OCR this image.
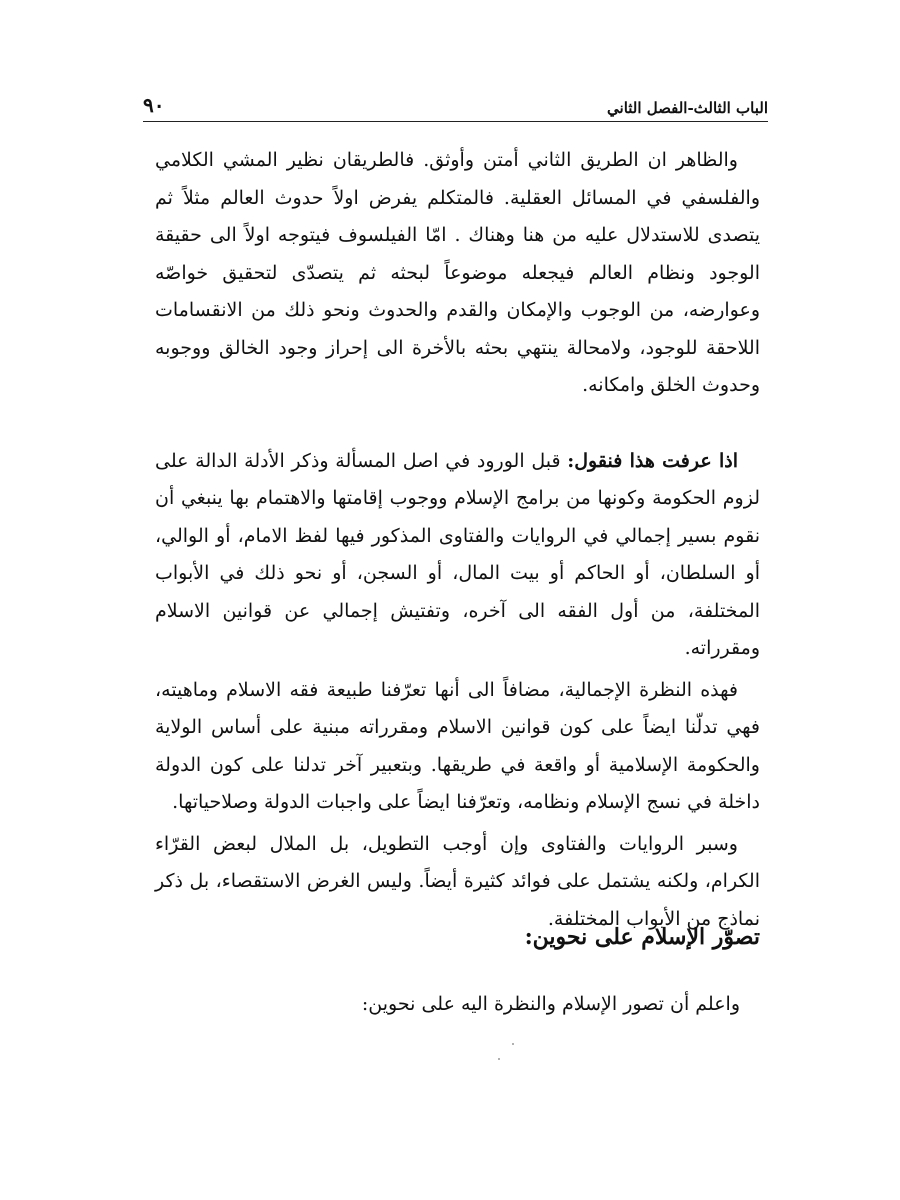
الباب الثالث-الفصل الثاني
٩٠

والظاهر ان الطريق الثاني أمتن وأوثق. فالطريقان نظير المشي الكلامي والفلسفي في المسائل العقلية. فالمتكلم يفرض اولاً حدوث العالم مثلاً ثم يتصدى للاستدلال عليه من هنا وهناك . امّا الفيلسوف فيتوجه اولاً الى حقيقة الوجود ونظام العالم فيجعله موضوعاً لبحثه ثم يتصدّى لتحقيق خواصّه وعوارضه، من الوجوب والإمكان والقدم والحدوث ونحو ذلك من الانقسامات اللاحقة للوجود، ولامحالة ينتهي بحثه بالأخرة الى إحراز وجود الخالق ووجوبه وحدوث الخلق وامكانه.

اذا عرفت هذا فنقول: قبل الورود في اصل المسألة وذكر الأدلة الدالة على لزوم الحكومة وكونها من برامج الإسلام ووجوب إقامتها والاهتمام بها ينبغي أن نقوم بسير إجمالي في الروايات والفتاوى المذكور فيها لفظ الامام، أو الوالي، أو السلطان، أو الحاكم أو بيت المال، أو السجن، أو نحو ذلك في الأبواب المختلفة، من أول الفقه الى آخره، وتفتيش إجمالي عن قوانين الاسلام ومقرراته.

فهذه النظرة الإجمالية، مضافاً الى أنها تعرّفنا طبيعة فقه الاسلام وماهيته، فهي تدلّنا ايضاً على كون قوانين الاسلام ومقرراته مبنية على أساس الولاية والحكومة الإسلامية أو واقعة في طريقها. وبتعبير آخر تدلنا على كون الدولة داخلة في نسج الإسلام ونظامه، وتعرّفنا ايضاً على واجبات الدولة وصلاحياتها.

وسبر الروايات والفتاوى وإن أوجب التطويل، بل الملال لبعض القرّاء الكرام، ولكنه يشتمل على فوائد كثيرة أيضاً. وليس الغرض الاستقصاء، بل ذكر نماذج من الأبواب المختلفة.

تصوّر الإسلام على نحوين:

واعلم أن تصور الإسلام والنظرة اليه على نحوين:
